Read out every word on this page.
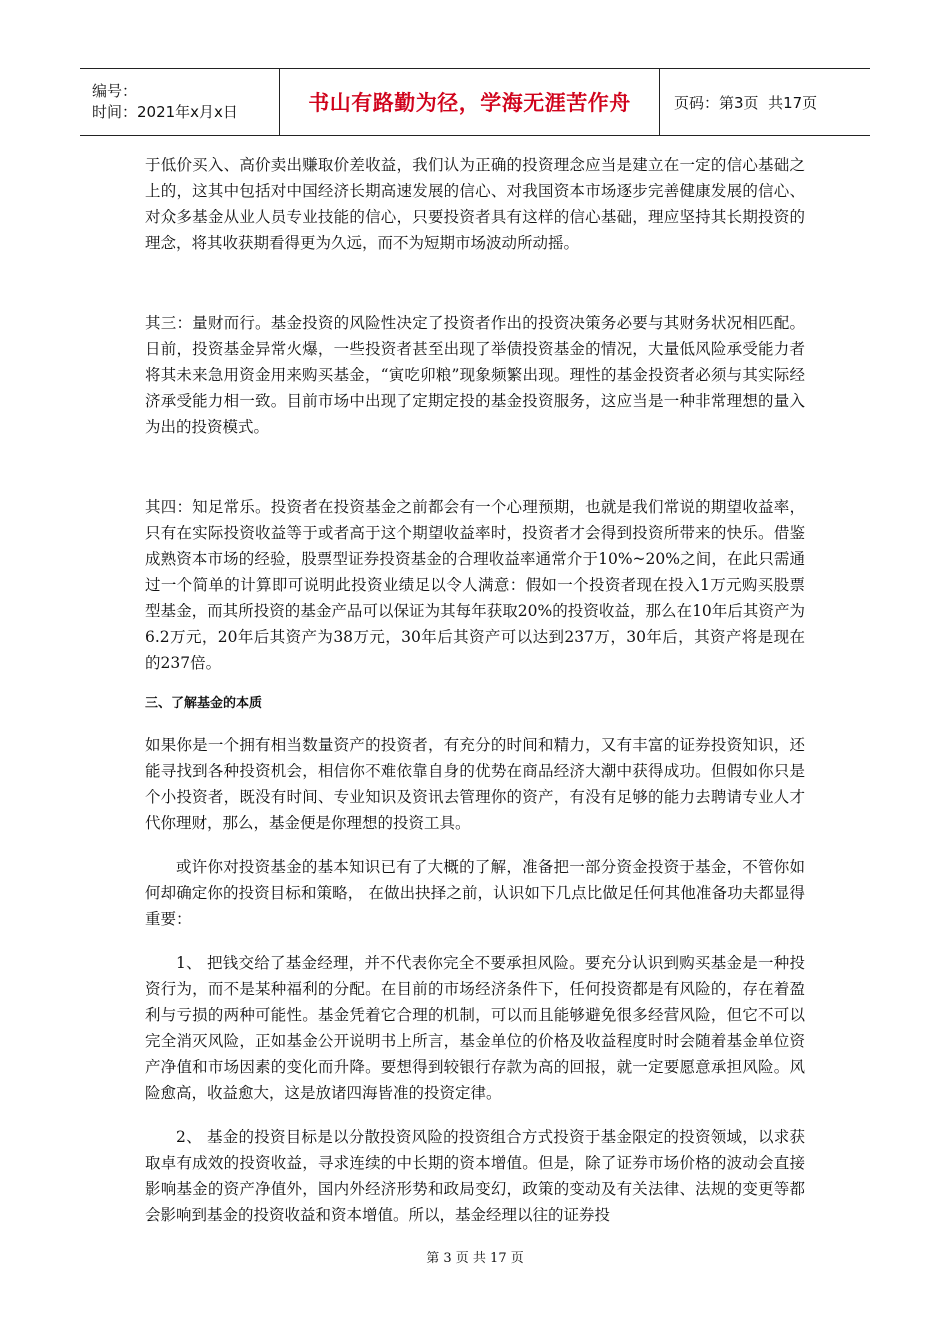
编号：
时间：2021年x月x日	书山有路勤为径，学海无涯苦作舟	页码：第3页  共17页

于低价买入、高价卖出赚取价差收益，我们认为正确的投资理念应当是建立在一定的信心基础之上的，这其中包括对中国经济长期高速发展的信心、对我国资本市场逐步完善健康发展的信心、对众多基金从业人员专业技能的信心，只要投资者具有这样的信心基础，理应坚持其长期投资的理念，将其收获期看得更为久远，而不为短期市场波动所动摇。

其三：量财而行。基金投资的风险性决定了投资者作出的投资决策务必要与其财务状况相匹配。日前，投资基金异常火爆，一些投资者甚至出现了举债投资基金的情况，大量低风险承受能力者将其未来急用资金用来购买基金，“寅吃卯粮”现象频繁出现。理性的基金投资者必须与其实际经济承受能力相一致。目前市场中出现了定期定投的基金投资服务，这应当是一种非常理想的量入为出的投资模式。

其四：知足常乐。投资者在投资基金之前都会有一个心理预期，也就是我们常说的期望收益率，只有在实际投资收益等于或者高于这个期望收益率时，投资者才会得到投资所带来的快乐。借鉴成熟资本市场的经验，股票型证券投资基金的合理收益率通常介于10%~20%之间，在此只需通过一个简单的计算即可说明此投资业绩足以令人满意：假如一个投资者现在投入1万元购买股票型基金，而其所投资的基金产品可以保证为其每年获取20%的投资收益，那么在10年后其资产为6.2万元，20年后其资产为38万元，30年后其资产可以达到237万，30年后，其资产将是现在的237倍。

三、了解基金的本质

如果你是一个拥有相当数量资产的投资者，有充分的时间和精力，又有丰富的证券投资知识，还能寻找到各种投资机会，相信你不难依靠自身的优势在商品经济大潮中获得成功。但假如你只是个小投资者，既没有时间、专业知识及资讯去管理你的资产，有没有足够的能力去聘请专业人才代你理财，那么，基金便是你理想的投资工具。

或许你对投资基金的基本知识已有了大概的了解，准备把一部分资金投资于基金，不管你如何却确定你的投资目标和策略， 在做出抉择之前，认识如下几点比做足任何其他准备功夫都显得重要：

1、 把钱交给了基金经理，并不代表你完全不要承担风险。要充分认识到购买基金是一种投资行为，而不是某种福利的分配。在目前的市场经济条件下，任何投资都是有风险的，存在着盈利与亏损的两种可能性。基金凭着它合理的机制，可以而且能够避免很多经营风险，但它不可以完全消灭风险，正如基金公开说明书上所言，基金单位的价格及收益程度时时会随着基金单位资产净值和市场因素的变化而升降。要想得到较银行存款为高的回报，就一定要愿意承担风险。风险愈高，收益愈大，这是放诸四海皆准的投资定律。

2、 基金的投资目标是以分散投资风险的投资组合方式投资于基金限定的投资领域，以求获取卓有成效的投资收益，寻求连续的中长期的资本增值。但是，除了证券市场价格的波动会直接影响基金的资产净值外，国内外经济形势和政局变幻，政策的变动及有关法律、法规的变更等都会影响到基金的投资收益和资本增值。所以，基金经理以往的证券投

第 3 页 共 17 页
